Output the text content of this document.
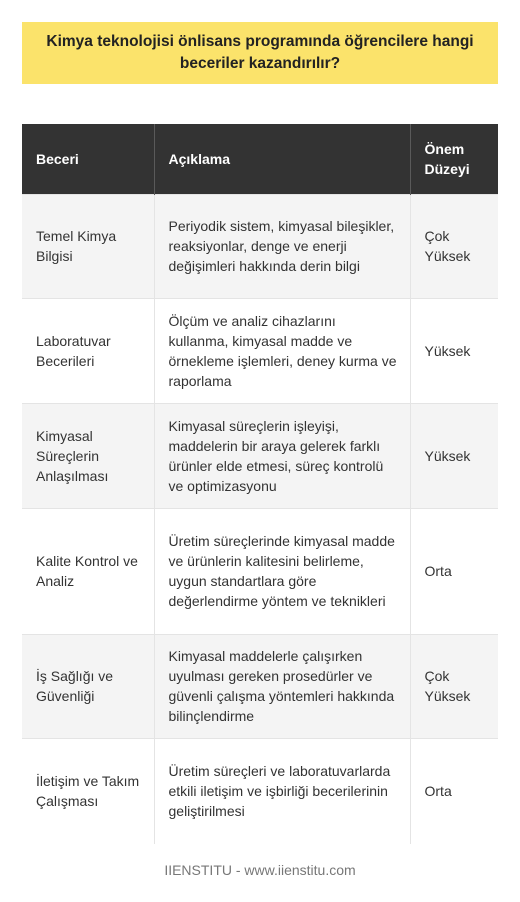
Kimya teknolojisi önlisans programında öğrencilere hangi beceriler kazandırılır?
Beceri	Açıklama	Önem Düzeyi
Temel Kimya Bilgisi	Periyodik sistem, kimyasal bileşikler, reaksiyonlar, denge ve enerji değişimleri hakkında derin bilgi	Çok Yüksek
Laboratuvar Becerileri	Ölçüm ve analiz cihazlarını kullanma, kimyasal madde ve örnekleme işlemleri, deney kurma ve raporlama	Yüksek
Kimyasal Süreçlerin Anlaşılması	Kimyasal süreçlerin işleyişi, maddelerin bir araya gelerek farklı ürünler elde etmesi, süreç kontrolü ve optimizasyonu	Yüksek
Kalite Kontrol ve Analiz	Üretim süreçlerinde kimyasal madde ve ürünlerin kalitesini belirleme, uygun standartlara göre değerlendirme yöntem ve teknikleri	Orta
İş Sağlığı ve Güvenliği	Kimyasal maddelerle çalışırken uyulması gereken prosedürler ve güvenli çalışma yöntemleri hakkında bilinçlendirme	Çok Yüksek
İletişim ve Takım Çalışması	Üretim süreçleri ve laboratuvarlarda etkili iletişim ve işbirliği becerilerinin geliştirilmesi	Orta
IIENSTITU - www.iienstitu.com
